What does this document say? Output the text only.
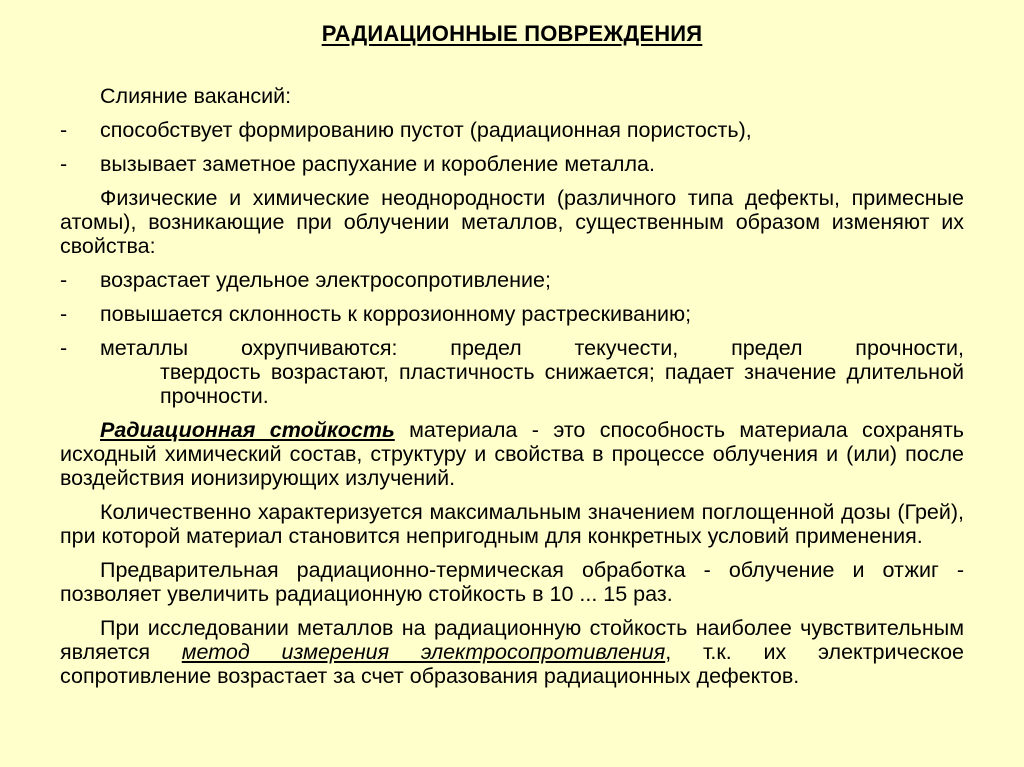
РАДИАЦИОННЫЕ ПОВРЕЖДЕНИЯ
Слияние вакансий:
- способствует формированию пустот (радиационная пористость),
- вызывает заметное распухание и коробление металла.
Физические и химические неоднородности (различного типа дефекты, примесные атомы), возникающие при облучении металлов, существенным образом изменяют их свойства:
- возрастает удельное электросопротивление;
- повышается склонность к коррозионному растрескиванию;
- металлы охрупчиваются: предел текучести, предел прочности,
твердость возрастают, пластичность снижается; падает значение длительной прочности.
Радиационная стойкость материала - это способность материала сохранять исходный химический состав, структуру и свойства в процессе облучения и (или) после воздействия ионизирующих излучений.
Количественно характеризуется максимальным значением поглощенной дозы (Грей), при которой материал становится непригодным для конкретных условий применения.
Предварительная радиационно-термическая обработка - облучение и отжиг - позволяет увеличить радиационную стойкость в 10 ... 15 раз.
При исследовании металлов на радиационную стойкость наиболее чувствительным является метод измерения электросопротивления, т.к. их электрическое сопротивление возрастает за счет образования радиационных дефектов.
